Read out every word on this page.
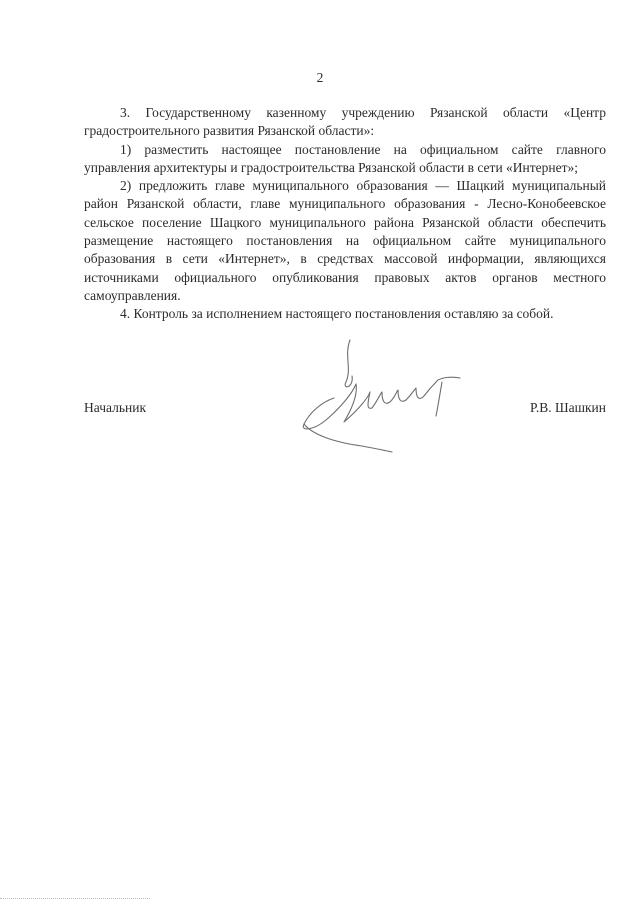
2

3. Государственному казенному учреждению Рязанской области «Центр градостроительного развития Рязанской области»:

1) разместить настоящее постановление на официальном сайте главного управления архитектуры и градостроительства Рязанской области в сети «Интернет»;

2) предложить главе муниципального образования — Шацкий муниципальный район Рязанской области, главе муниципального образования - Лесно-Конобеевское сельское поселение Шацкого муниципального района Рязанской области обеспечить размещение настоящего постановления на официальном сайте муниципального образования в сети «Интернет», в средствах массовой информации, являющихся источниками официального опубликования правовых актов органов местного самоуправления.

4. Контроль за исполнением настоящего постановления оставляю за собой.

Начальник	Р.В. Шашкин
